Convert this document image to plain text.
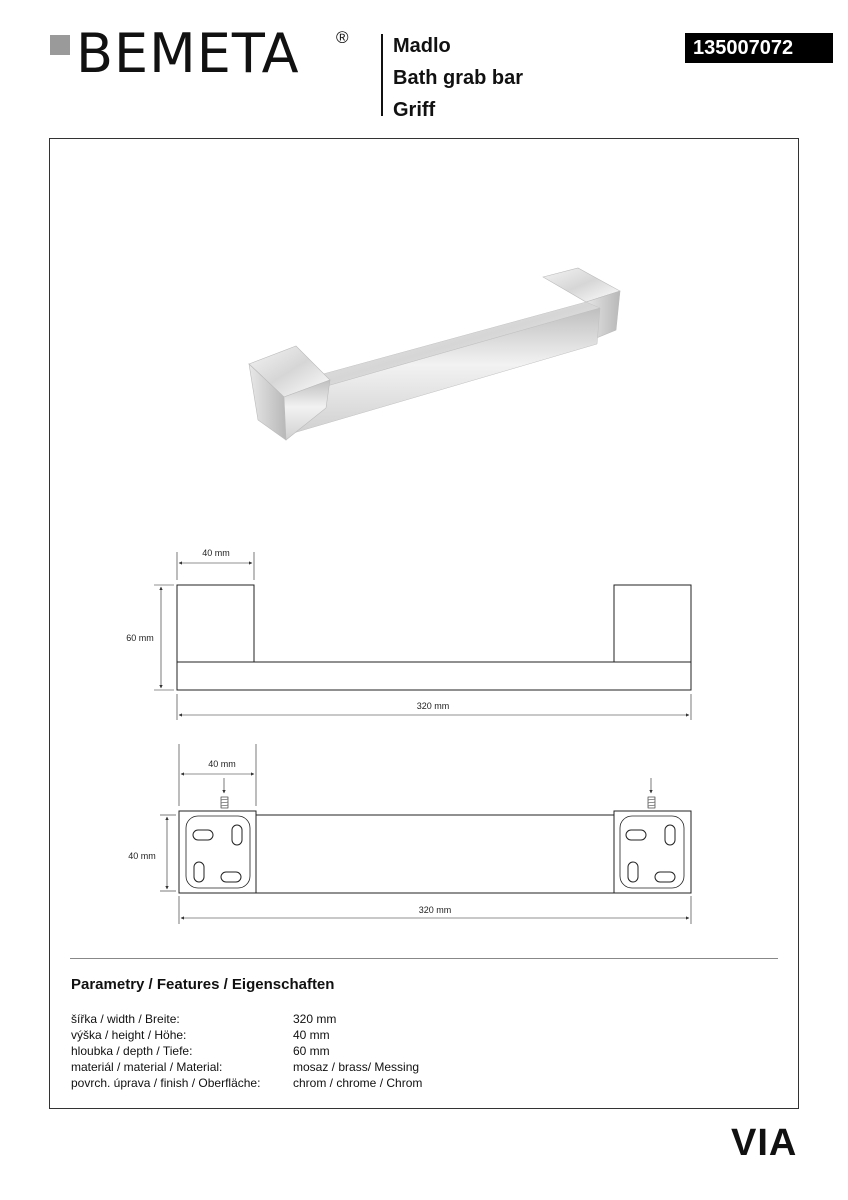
BEMETA ® Madlo
Bath grab bar
Griff
135007072
40 mm
60 mm
320 mm
40 mm
40 mm
320 mm
Parametry / Features / Eigenschaften
šířka / width / Breite:	320 mm
výška / height / Höhe:	40 mm
hloubka / depth / Tiefe:	60 mm
materiál / material / Material:	mosaz / brass/ Messing
povrch. úprava / finish / Oberfläche:	chrom / chrome / Chrom
VIA
